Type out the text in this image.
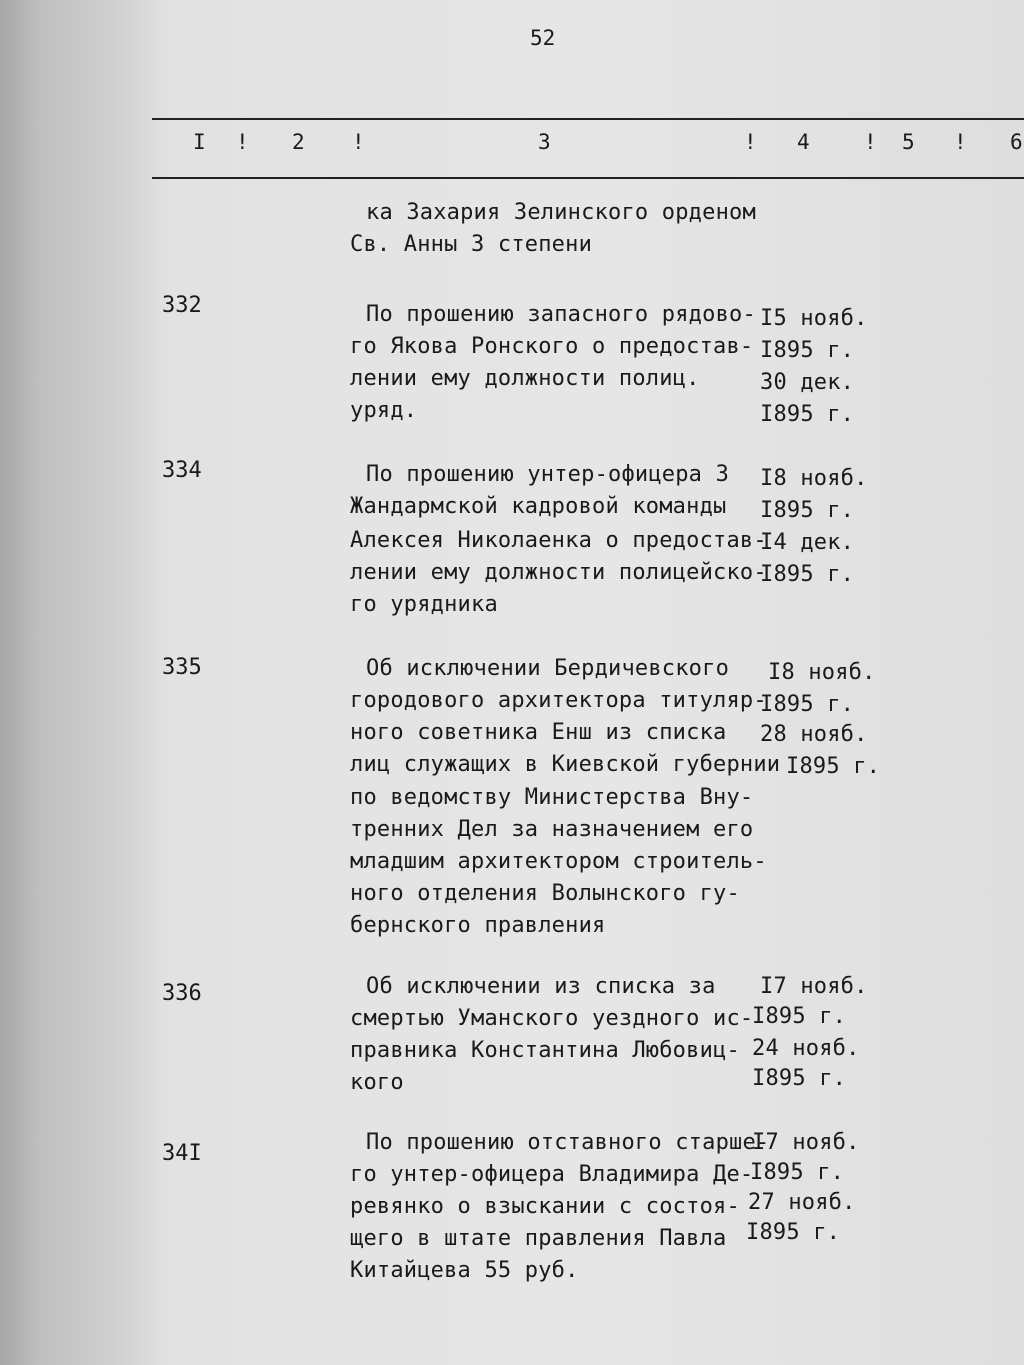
52
I ! 2 !	3	! 4	! 5 ! 6
ка Захария Зелинского орденом
Св. Анны 3 степени
332	По прошению запасного рядово-
го Якова Ронского о предостав-
лении ему должности полиц.
уряд.
I5 нояб.
I895 г.
30 дек.
I895 г.
334	По прошению унтер-офицера 3
Жандармской кадровой команды
Алексея Николаенка о предостав-
лении ему должности полицейско-
го урядника
I8 нояб.
I895 г.
I4 дек.
I895 г.
335	Об исключении Бердичевского
городового архитектора титуляр-
ного советника Енш из списка
лиц служащих в Киевской губернии
по ведомству Министерства Вну-
тренних Дел за назначением его
младшим архитектором строитель-
ного отделения Волынского гу-
бернского правления
I8 нояб.
I895 г.
28 нояб.
I895 г.
336	Об исключении из списка за
смертью Уманского уездного ис-
правника Константина Любовиц-
кого
I7 нояб.
I895 г.
24 нояб.
I895 г.
34I	По прошению отставного старше-
го унтер-офицера Владимира Де-
ревянко о взыскании с состоя-
щего в штате правления Павла
Китайцева 55 руб.
I7 нояб.
I895 г.
27 нояб.
I895 г.
